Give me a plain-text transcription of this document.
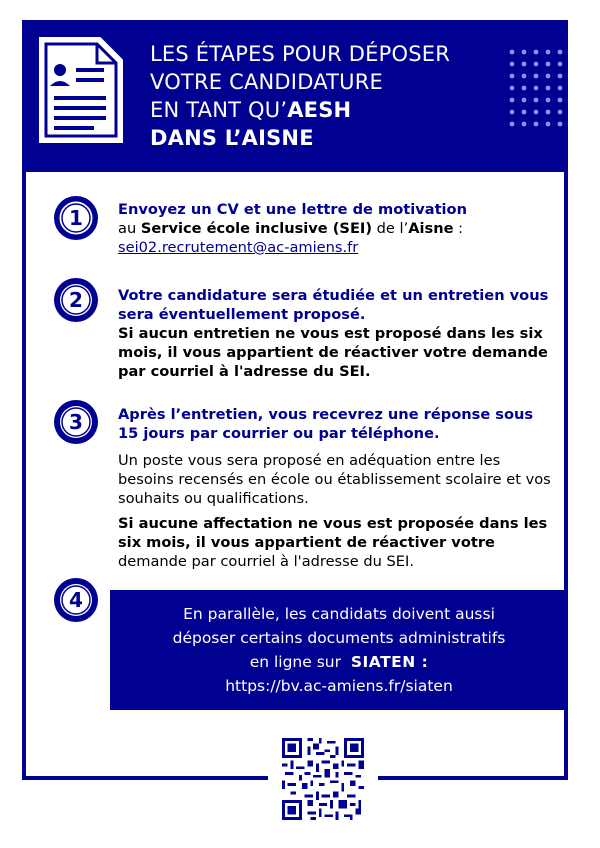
LES ÉTAPES POUR DÉPOSER
VOTRE CANDIDATURE
EN TANT QU’AESH
DANS L’AISNE
1
2
3
4
Envoyez un CV et une lettre de motivation
au Service école inclusive (SEI) de l’Aisne :
sei02.recrutement@ac-amiens.fr
Votre candidature sera étudiée et un entretien vous sera éventuellement proposé.
Si aucun entretien ne vous est proposé dans les six mois, il vous appartient de réactiver votre demande par courriel à l'adresse du SEI.
Après l’entretien, vous recevrez une réponse sous 15 jours par courrier ou par téléphone.
Un poste vous sera proposé en adéquation entre les besoins recensés en école ou établissement scolaire et vos souhaits ou qualifications.
Si aucune affectation ne vous est proposée dans les six mois, il vous appartient de réactiver votre demande par courriel à l'adresse du SEI.
En parallèle, les candidats doivent aussi
déposer certains documents administratifs
en ligne sur SIATEN :
https://bv.ac-amiens.fr/siaten
